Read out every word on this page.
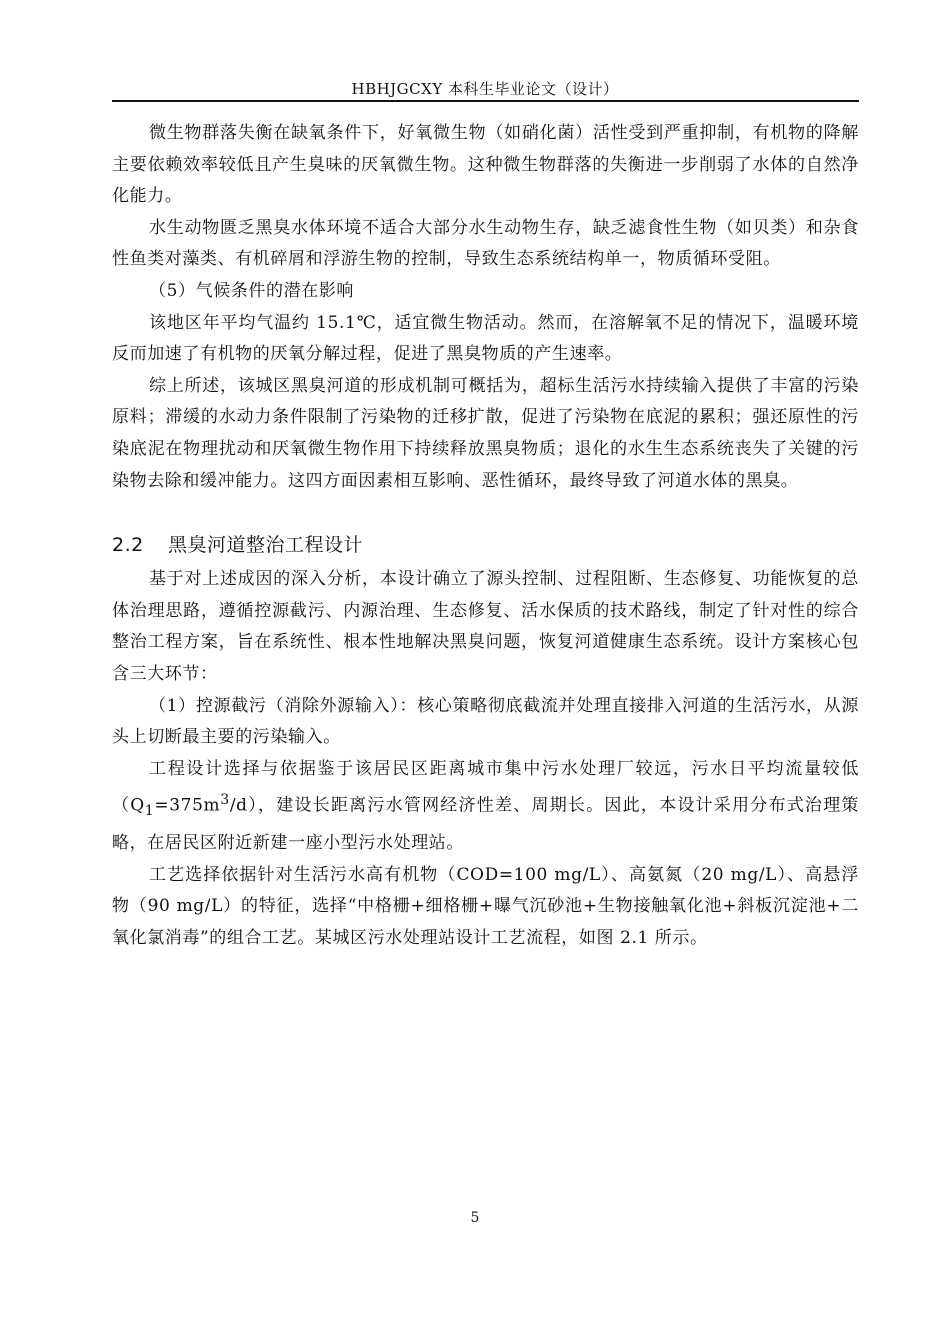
HBHJGCXY 本科生毕业论文（设计）

微生物群落失衡在缺氧条件下，好氧微生物（如硝化菌）活性受到严重抑制，有机物的降解主要依赖效率较低且产生臭味的厌氧微生物。这种微生物群落的失衡进一步削弱了水体的自然净化能力。

水生动物匮乏黑臭水体环境不适合大部分水生动物生存，缺乏滤食性生物（如贝类）和杂食性鱼类对藻类、有机碎屑和浮游生物的控制，导致生态系统结构单一，物质循环受阻。

（5）气候条件的潜在影响

该地区年平均气温约 15.1℃，适宜微生物活动。然而，在溶解氧不足的情况下，温暖环境反而加速了有机物的厌氧分解过程，促进了黑臭物质的产生速率。

综上所述，该城区黑臭河道的形成机制可概括为，超标生活污水持续输入提供了丰富的污染原料；滞缓的水动力条件限制了污染物的迁移扩散，促进了污染物在底泥的累积；强还原性的污染底泥在物理扰动和厌氧微生物作用下持续释放黑臭物质；退化的水生生态系统丧失了关键的污染物去除和缓冲能力。这四方面因素相互影响、恶性循环，最终导致了河道水体的黑臭。

2.2 黑臭河道整治工程设计

基于对上述成因的深入分析，本设计确立了源头控制、过程阻断、生态修复、功能恢复的总体治理思路，遵循控源截污、内源治理、生态修复、活水保质的技术路线，制定了针对性的综合整治工程方案，旨在系统性、根本性地解决黑臭问题，恢复河道健康生态系统。设计方案核心包含三大环节：

（1）控源截污（消除外源输入）：核心策略彻底截流并处理直接排入河道的生活污水，从源头上切断最主要的污染输入。

工程设计选择与依据鉴于该居民区距离城市集中污水处理厂较远，污水日平均流量较低$(Q_1=375m^3/d)$，建设长距离污水管网经济性差、周期长。因此，本设计采用分布式治理策略，在居民区附近新建一座小型污水处理站。

工艺选择依据针对生活污水高有机物（COD=100 mg/L）、高氨氮（20 mg/L）、高悬浮物（90 mg/L）的特征，选择“中格栅+细格栅+曝气沉砂池+生物接触氧化池+斜板沉淀池+二氧化氯消毒”的组合工艺。某城区污水处理站设计工艺流程，如图 2.1 所示。

5
